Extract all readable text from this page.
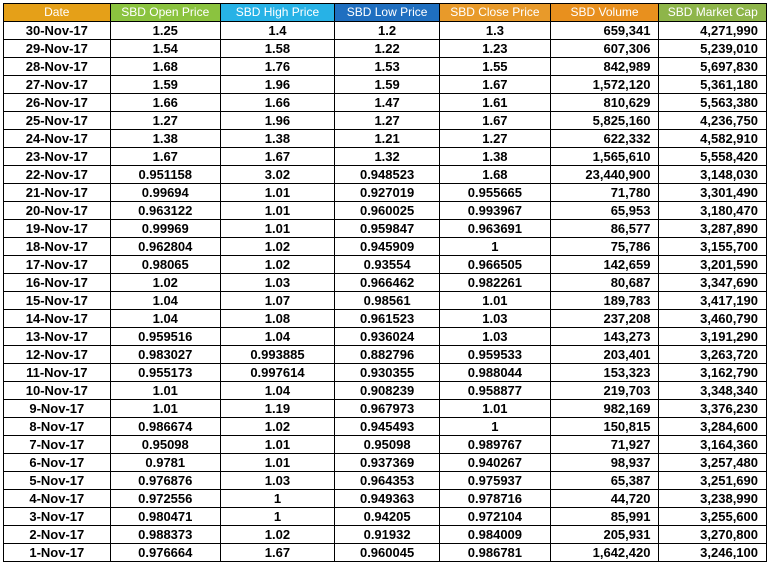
Date	SBD Open Price	SBD High Price	SBD Low Price	SBD Close Price	SBD Volume	SBD Market Cap
30-Nov-17	1.25	1.4	1.2	1.3	659,341	4,271,990
29-Nov-17	1.54	1.58	1.22	1.23	607,306	5,239,010
28-Nov-17	1.68	1.76	1.53	1.55	842,989	5,697,830
27-Nov-17	1.59	1.96	1.59	1.67	1,572,120	5,361,180
26-Nov-17	1.66	1.66	1.47	1.61	810,629	5,563,380
25-Nov-17	1.27	1.96	1.27	1.67	5,825,160	4,236,750
24-Nov-17	1.38	1.38	1.21	1.27	622,332	4,582,910
23-Nov-17	1.67	1.67	1.32	1.38	1,565,610	5,558,420
22-Nov-17	0.951158	3.02	0.948523	1.68	23,440,900	3,148,030
21-Nov-17	0.99694	1.01	0.927019	0.955665	71,780	3,301,490
20-Nov-17	0.963122	1.01	0.960025	0.993967	65,953	3,180,470
19-Nov-17	0.99969	1.01	0.959847	0.963691	86,577	3,287,890
18-Nov-17	0.962804	1.02	0.945909	1	75,786	3,155,700
17-Nov-17	0.98065	1.02	0.93554	0.966505	142,659	3,201,590
16-Nov-17	1.02	1.03	0.966462	0.982261	80,687	3,347,690
15-Nov-17	1.04	1.07	0.98561	1.01	189,783	3,417,190
14-Nov-17	1.04	1.08	0.961523	1.03	237,208	3,460,790
13-Nov-17	0.959516	1.04	0.936024	1.03	143,273	3,191,290
12-Nov-17	0.983027	0.993885	0.882796	0.959533	203,401	3,263,720
11-Nov-17	0.955173	0.997614	0.930355	0.988044	153,323	3,162,790
10-Nov-17	1.01	1.04	0.908239	0.958877	219,703	3,348,340
9-Nov-17	1.01	1.19	0.967973	1.01	982,169	3,376,230
8-Nov-17	0.986674	1.02	0.945493	1	150,815	3,284,600
7-Nov-17	0.95098	1.01	0.95098	0.989767	71,927	3,164,360
6-Nov-17	0.9781	1.01	0.937369	0.940267	98,937	3,257,480
5-Nov-17	0.976876	1.03	0.964353	0.975937	65,387	3,251,690
4-Nov-17	0.972556	1	0.949363	0.978716	44,720	3,238,990
3-Nov-17	0.980471	1	0.94205	0.972104	85,991	3,255,600
2-Nov-17	0.988373	1.02	0.91932	0.984009	205,931	3,270,800
1-Nov-17	0.976664	1.67	0.960045	0.986781	1,642,420	3,246,100
